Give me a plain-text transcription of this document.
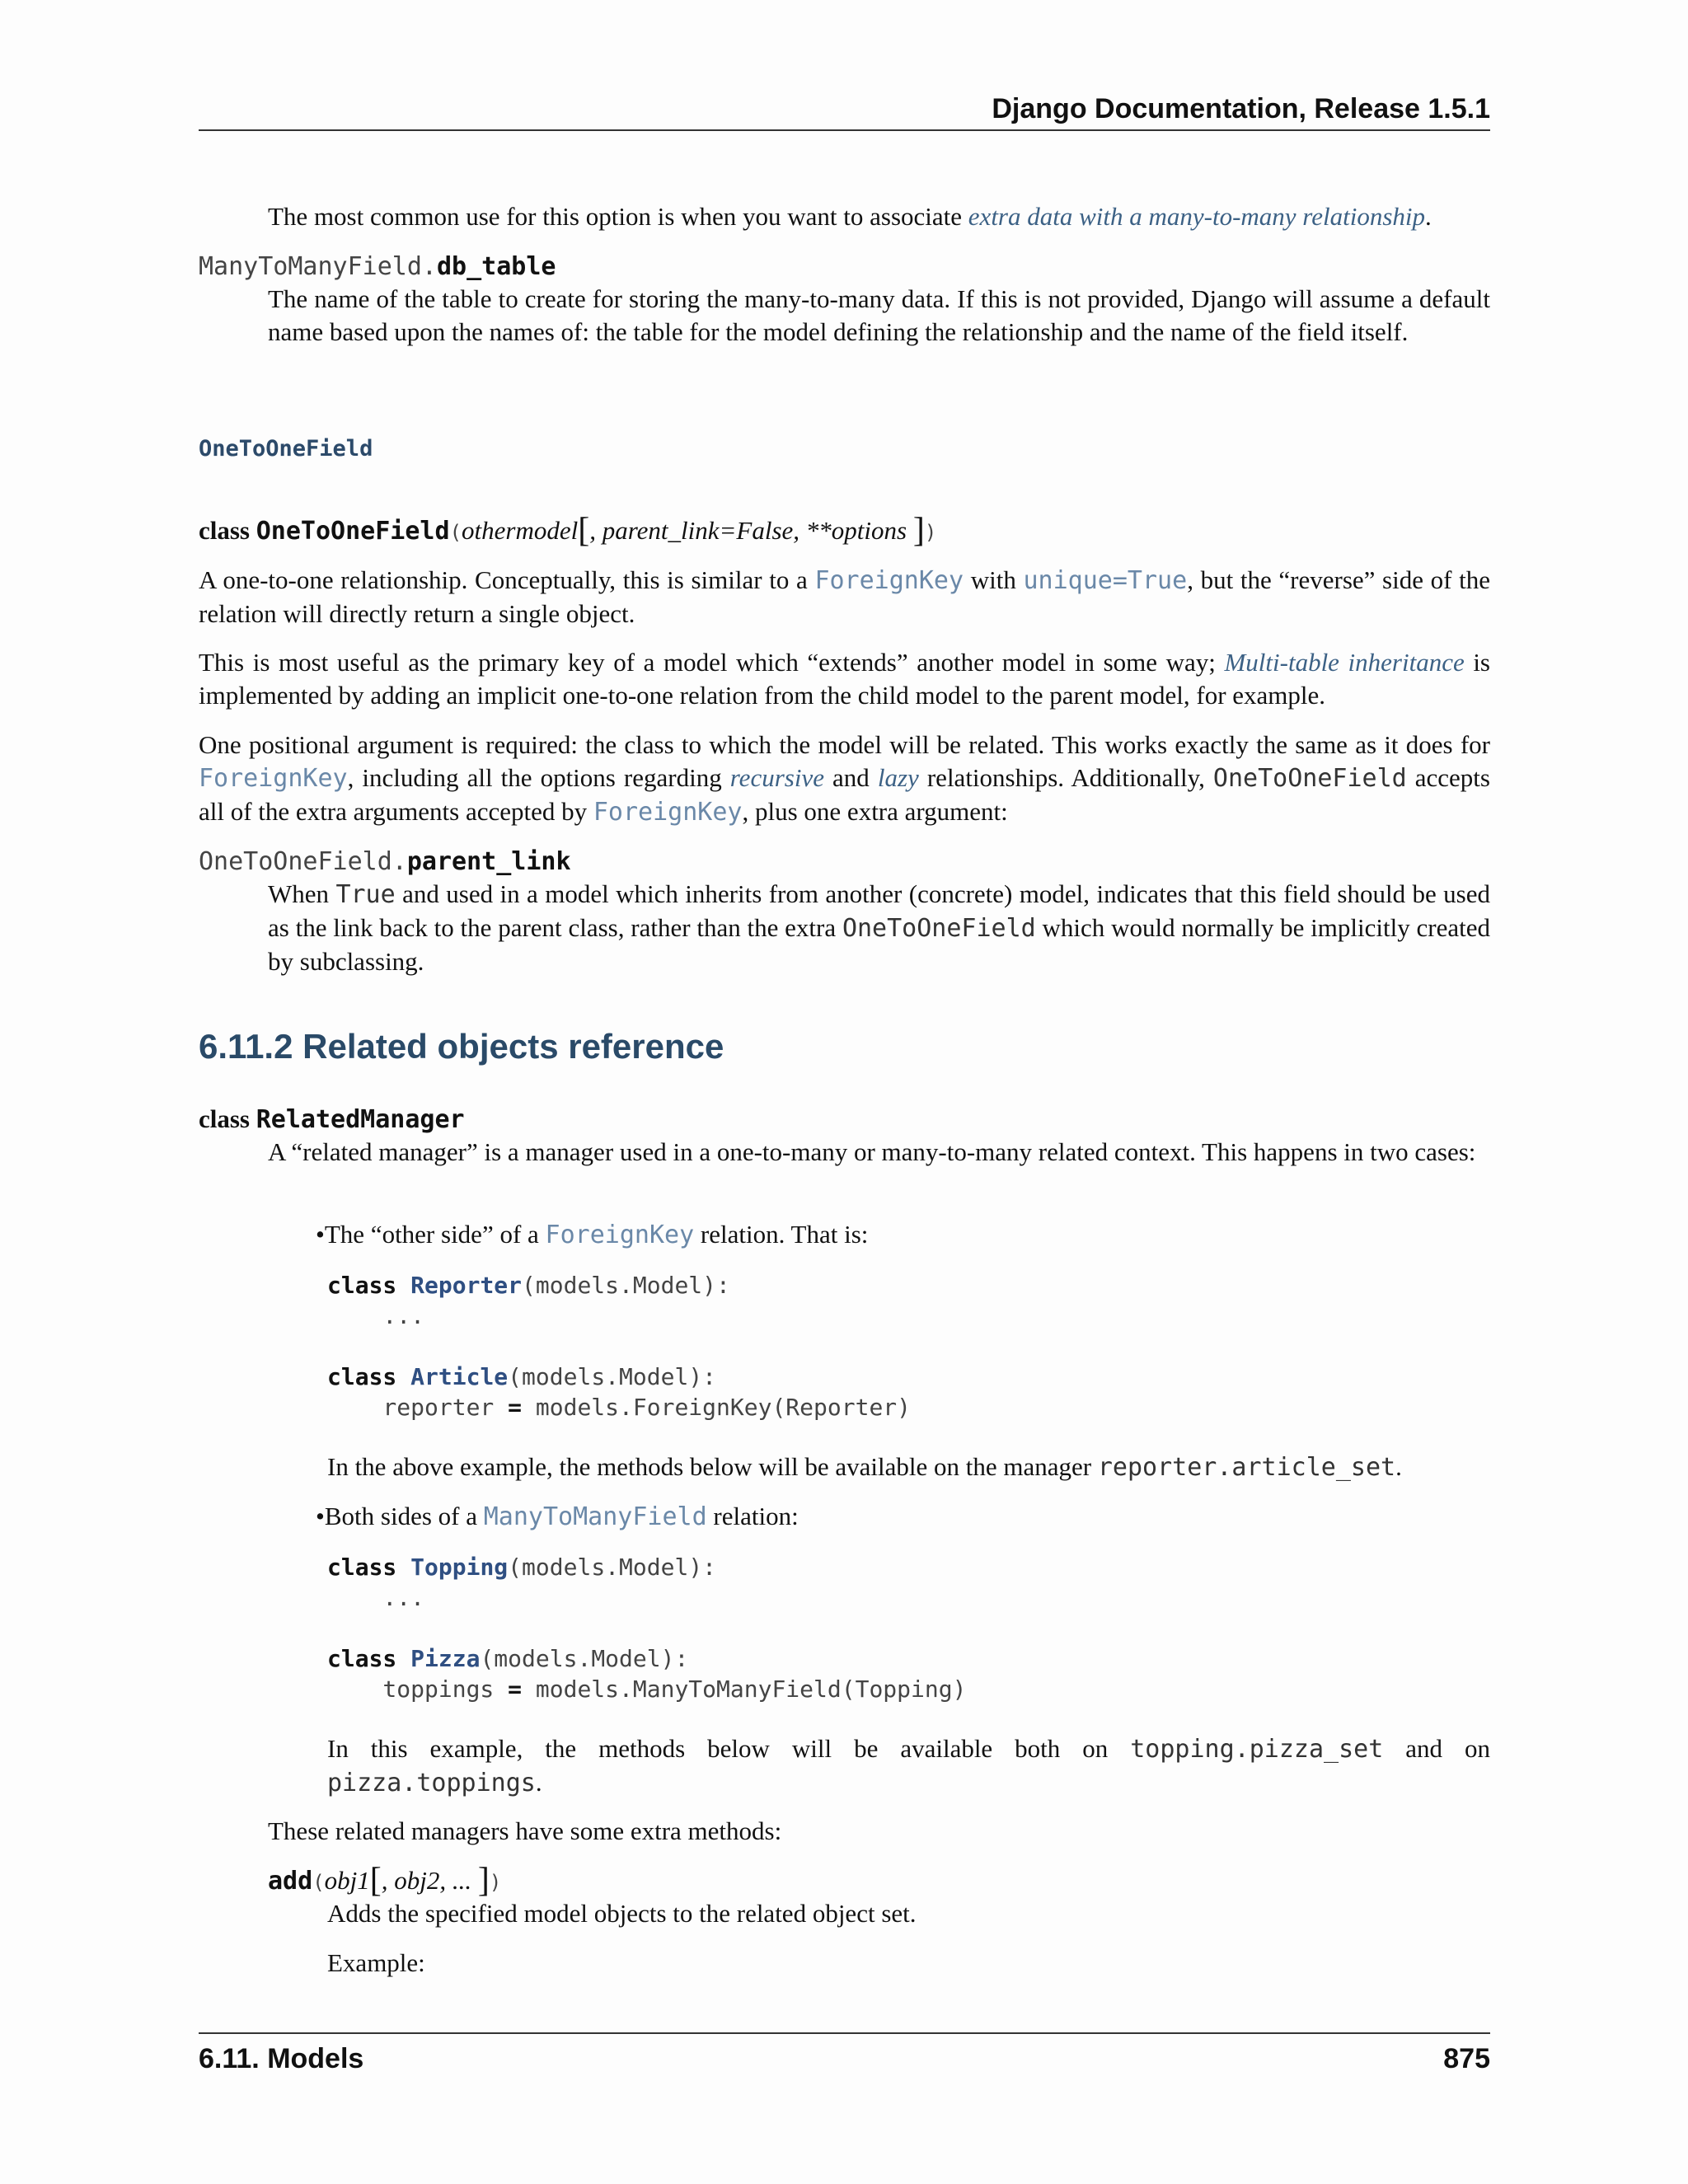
Django Documentation, Release 1.5.1

The most common use for this option is when you want to associate extra data with a many-to-many relationship.

ManyToManyField.db_table

The name of the table to create for storing the many-to-many data. If this is not provided, Django will assume a default name based upon the names of: the table for the model defining the relationship and the name of the field itself.

OneToOneField
class OneToOneField(othermodel[, parent_link=False, **options ])

A one-to-one relationship. Conceptually, this is similar to a ForeignKey with unique=True, but the “reverse” side of the relation will directly return a single object.

This is most useful as the primary key of a model which “extends” another model in some way; Multi-table inheritance is implemented by adding an implicit one-to-one relation from the child model to the parent model, for example.

One positional argument is required: the class to which the model will be related. This works exactly the same as it does for ForeignKey, including all the options regarding recursive and lazy relationships. Additionally, OneToOneField accepts all of the extra arguments accepted by ForeignKey, plus one extra argument:

OneToOneField.parent_link

When True and used in a model which inherits from another (concrete) model, indicates that this field should be used as the link back to the parent class, rather than the extra OneToOneField which would normally be implicitly created by subclassing.

6.11.2 Related objects reference
class RelatedManager

A “related manager” is a manager used in a one-to-many or many-to-many related context. This happens in two cases:

•The “other side” of a ForeignKey relation. That is:
class Reporter(models.Model):
...

class Article(models.Model):
reporter = models.ForeignKey(Reporter)

In the above example, the methods below will be available on the manager reporter.article_set.

•Both sides of a ManyToManyField relation:
class Topping(models.Model):
...

class Pizza(models.Model):
toppings = models.ManyToManyField(Topping)

In this example, the methods below will be available both on topping.pizza_set and on pizza.toppings.

These related managers have some extra methods:

add(obj1[, obj2, ... ])

Adds the specified model objects to the related object set.

Example:

6.11. Models	875
